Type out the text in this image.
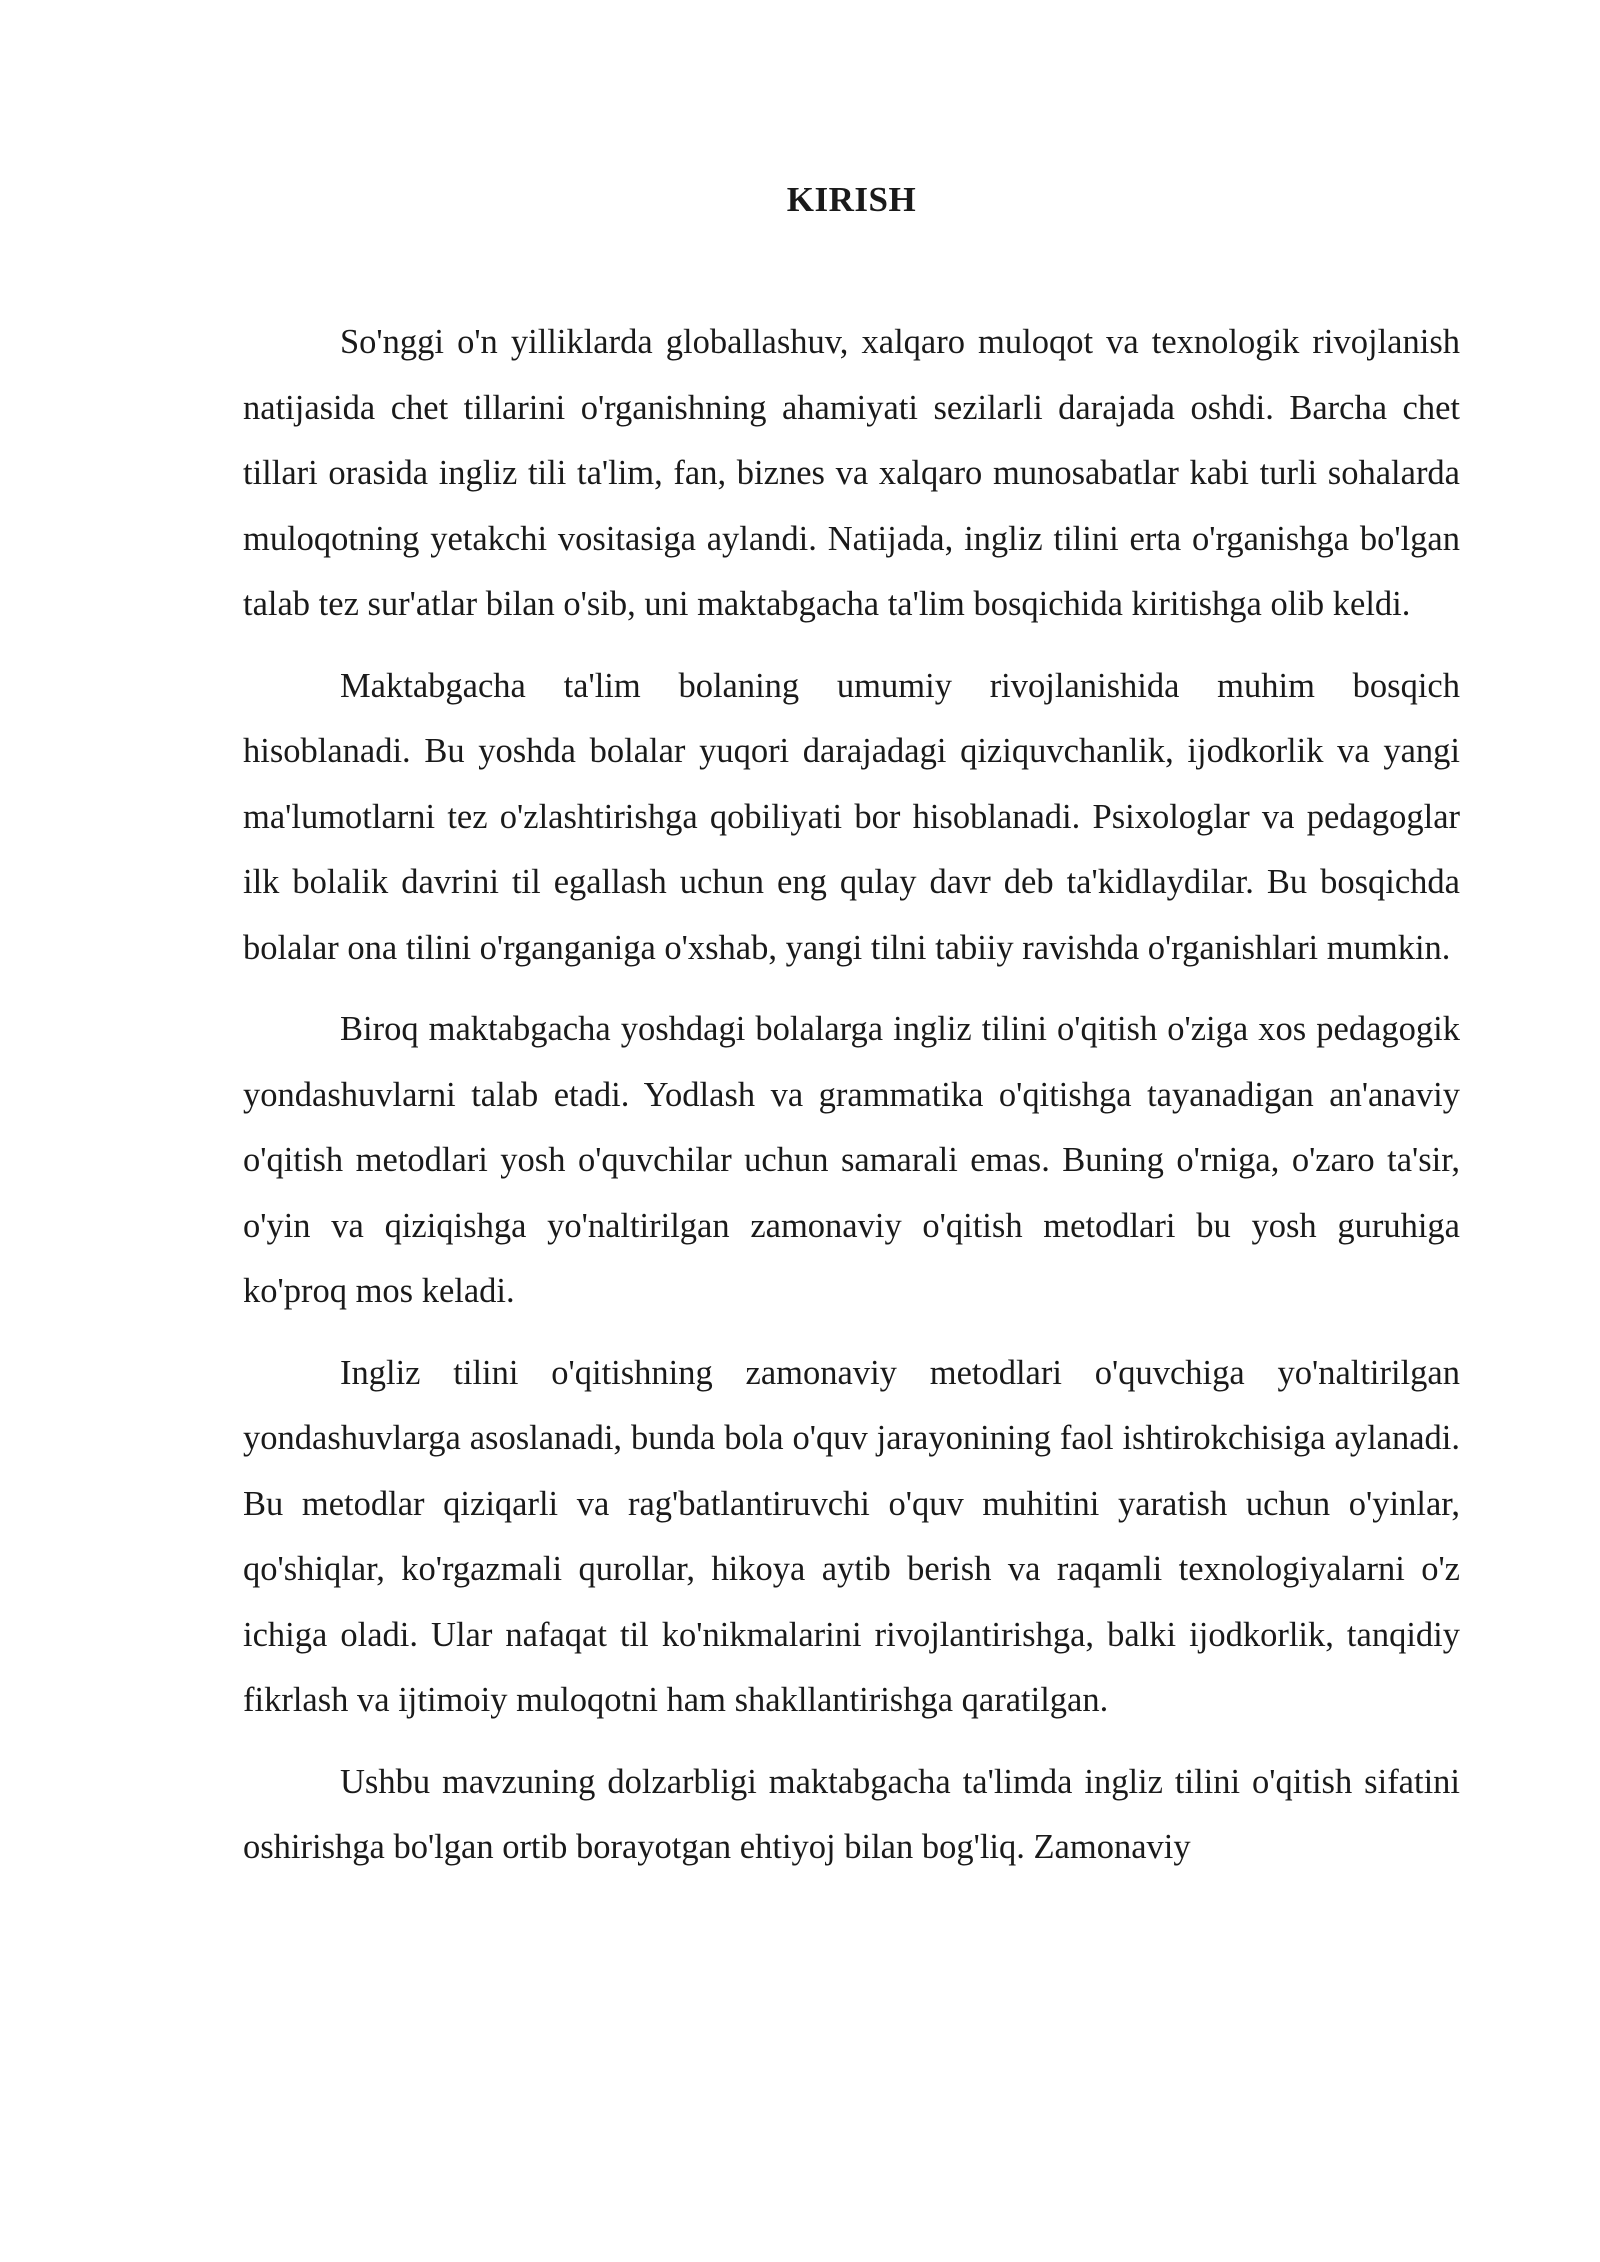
KIRISH

So'nggi o'n yilliklarda globallashuv, xalqaro muloqot va texnologik rivojlanish natijasida chet tillarini o'rganishning ahamiyati sezilarli darajada oshdi. Barcha chet tillari orasida ingliz tili ta'lim, fan, biznes va xalqaro munosabatlar kabi turli sohalarda muloqotning yetakchi vositasiga aylandi. Natijada, ingliz tilini erta o'rganishga bo'lgan talab tez sur'atlar bilan o'sib, uni maktabgacha ta'lim bosqichida kiritishga olib keldi.

Maktabgacha ta'lim bolaning umumiy rivojlanishida muhim bosqich hisoblanadi. Bu yoshda bolalar yuqori darajadagi qiziquvchanlik, ijodkorlik va yangi ma'lumotlarni tez o'zlashtirishga qobiliyati bor hisoblanadi. Psixologlar va pedagoglar ilk bolalik davrini til egallash uchun eng qulay davr deb ta'kidlaydilar. Bu bosqichda bolalar ona tilini o'rganganiga o'xshab, yangi tilni tabiiy ravishda o'rganishlari mumkin.

Biroq maktabgacha yoshdagi bolalarga ingliz tilini o'qitish o'ziga xos pedagogik yondashuvlarni talab etadi. Yodlash va grammatika o'qitishga tayanadigan an'anaviy o'qitish metodlari yosh o'quvchilar uchun samarali emas. Buning o'rniga, o'zaro ta'sir, o'yin va qiziqishga yo'naltirilgan zamonaviy o'qitish metodlari bu yosh guruhiga ko'proq mos keladi.

Ingliz tilini o'qitishning zamonaviy metodlari o'quvchiga yo'naltirilgan yondashuvlarga asoslanadi, bunda bola o'quv jarayonining faol ishtirokchisiga aylanadi. Bu metodlar qiziqarli va rag'batlantiruvchi o'quv muhitini yaratish uchun o'yinlar, qo'shiqlar, ko'rgazmali qurollar, hikoya aytib berish va raqamli texnologiyalarni o'z ichiga oladi. Ular nafaqat til ko'nikmalarini rivojlantirishga, balki ijodkorlik, tanqidiy fikrlash va ijtimoiy muloqotni ham shakllantirishga qaratilgan.

Ushbu mavzuning dolzarbligi maktabgacha ta'limda ingliz tilini o'qitish sifatini oshirishga bo'lgan ortib borayotgan ehtiyoj bilan bog'liq. Zamonaviy
